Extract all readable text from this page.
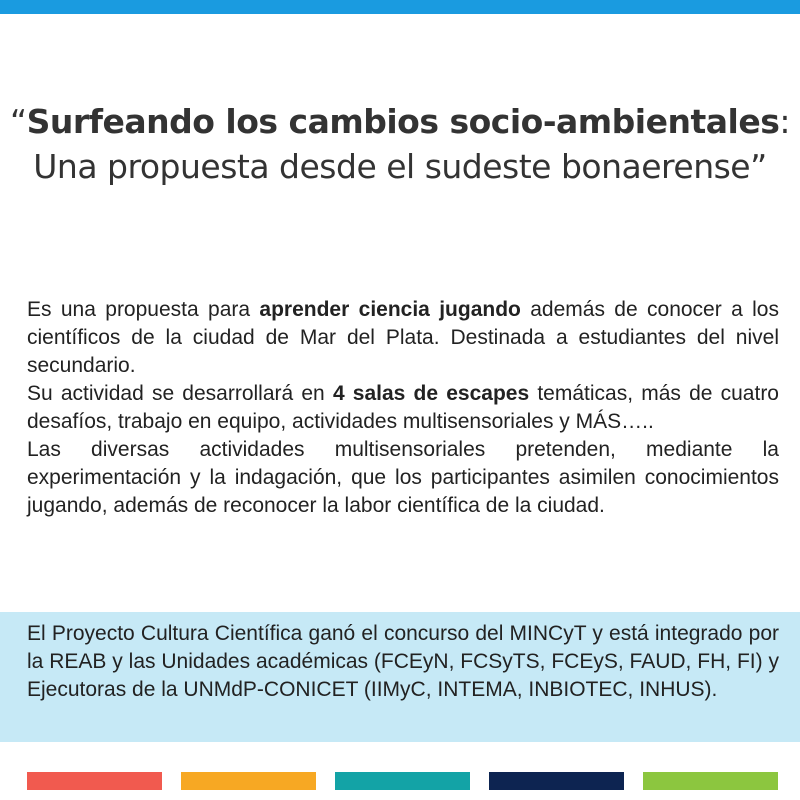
“Surfeando los cambios socio-ambientales:
Una propuesta desde el sudeste bonaerense”

Es una propuesta para aprender ciencia jugando además de conocer a los científicos de la ciudad de Mar del Plata. Destinada a estudiantes del nivel secundario.

Su actividad se desarrollará en 4 salas de escapes temáticas, más de cuatro desafíos, trabajo en equipo, actividades multisensoriales y MÁS…..

Las diversas actividades multisensoriales pretenden, mediante la experimentación y la indagación, que los participantes asimilen conocimientos jugando, además de reconocer la labor científica de la ciudad.

El Proyecto Cultura Científica ganó el concurso del MINCyT y está integrado por la REAB y las Unidades académicas (FCEyN, FCSyTS, FCEyS, FAUD, FH, FI) y Ejecutoras de la UNMdP-CONICET (IIMyC, INTEMA, INBIOTEC, INHUS).
